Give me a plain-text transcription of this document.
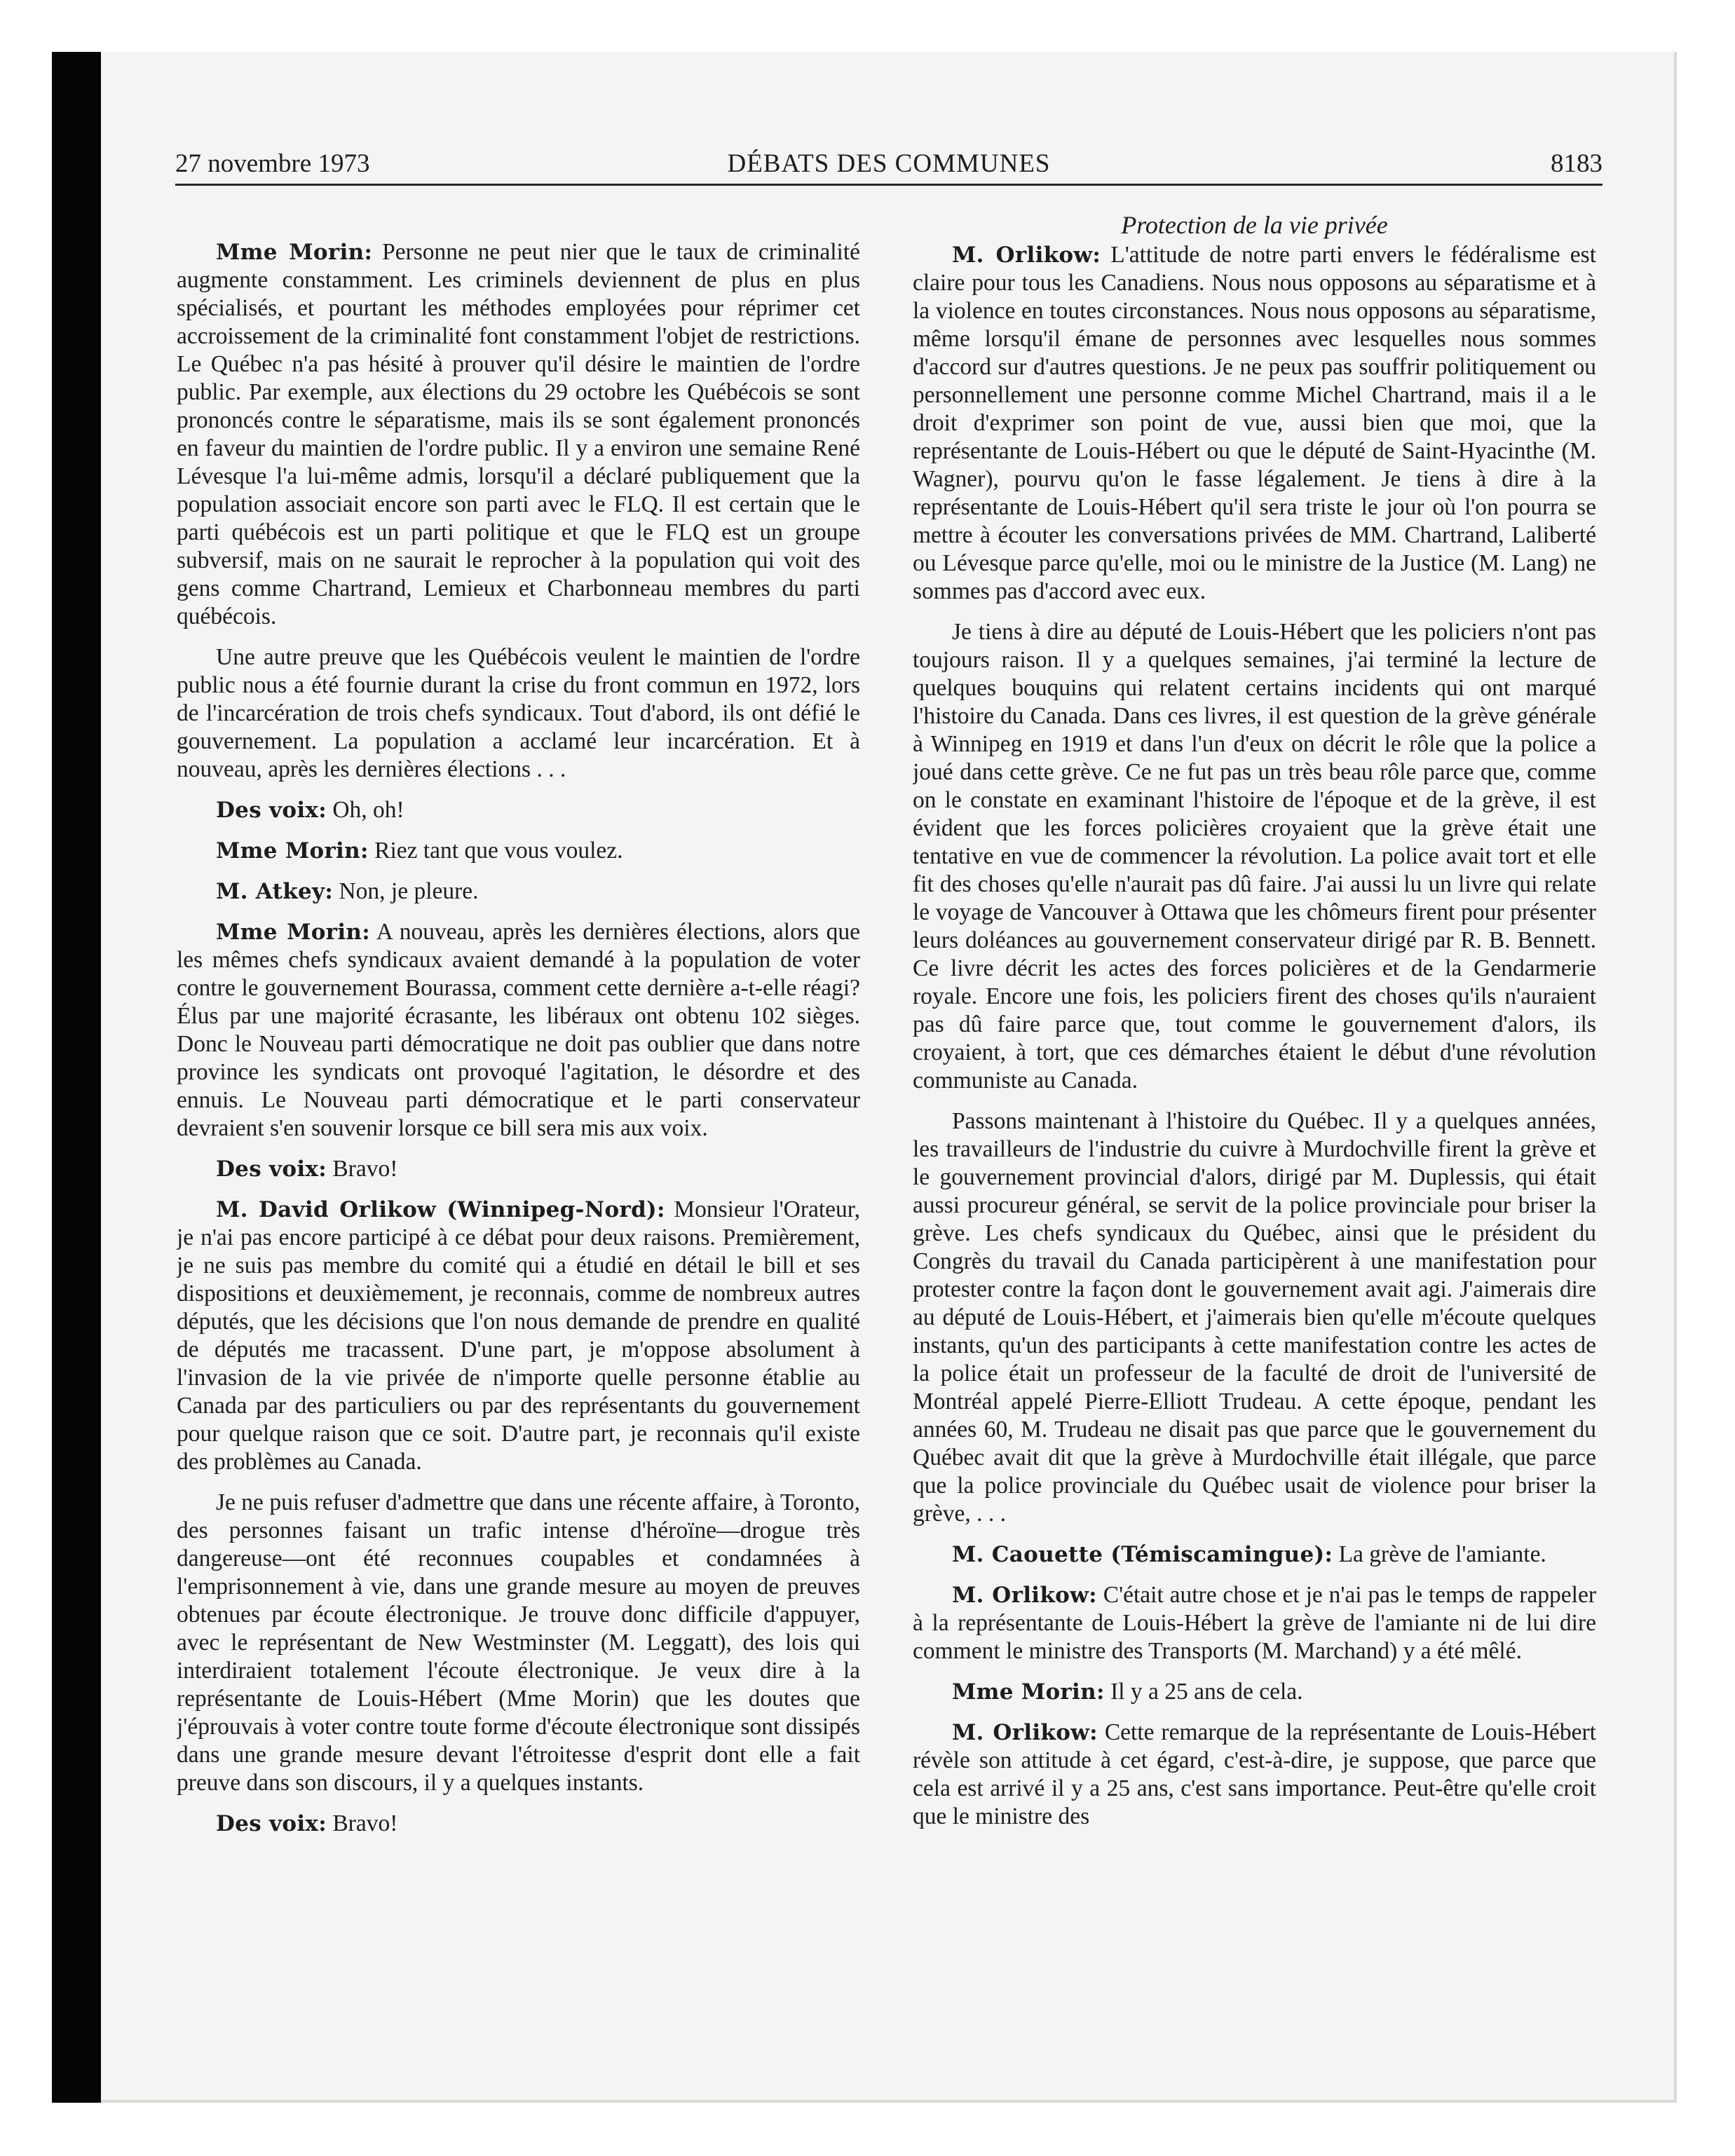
27 novembre 1973	DÉBATS DES COMMUNES	8183

Mme Morin: Personne ne peut nier que le taux de criminalité augmente constamment. Les criminels deviennent de plus en plus spécialisés, et pourtant les méthodes employées pour réprimer cet accroissement de la criminalité font constamment l'objet de restrictions. Le Québec n'a pas hésité à prouver qu'il désire le maintien de l'ordre public. Par exemple, aux élections du 29 octobre les Québécois se sont prononcés contre le séparatisme, mais ils se sont également prononcés en faveur du maintien de l'ordre public. Il y a environ une semaine René Lévesque l'a lui-même admis, lorsqu'il a déclaré publiquement que la population associait encore son parti avec le FLQ. Il est certain que le parti québécois est un parti politique et que le FLQ est un groupe subversif, mais on ne saurait le reprocher à la population qui voit des gens comme Chartrand, Lemieux et Charbonneau membres du parti québécois.

Une autre preuve que les Québécois veulent le maintien de l'ordre public nous a été fournie durant la crise du front commun en 1972, lors de l'incarcération de trois chefs syndicaux. Tout d'abord, ils ont défié le gouvernement. La population a acclamé leur incarcération. Et à nouveau, après les dernières élections . . .

Des voix: Oh, oh!

Mme Morin: Riez tant que vous voulez.

M. Atkey: Non, je pleure.

Mme Morin: A nouveau, après les dernières élections, alors que les mêmes chefs syndicaux avaient demandé à la population de voter contre le gouvernement Bourassa, comment cette dernière a-t-elle réagi? Élus par une majorité écrasante, les libéraux ont obtenu 102 sièges. Donc le Nouveau parti démocratique ne doit pas oublier que dans notre province les syndicats ont provoqué l'agitation, le désordre et des ennuis. Le Nouveau parti démocratique et le parti conservateur devraient s'en souvenir lorsque ce bill sera mis aux voix.

Des voix: Bravo!

M. David Orlikow (Winnipeg-Nord): Monsieur l'Orateur, je n'ai pas encore participé à ce débat pour deux raisons. Premièrement, je ne suis pas membre du comité qui a étudié en détail le bill et ses dispositions et deuxièmement, je reconnais, comme de nombreux autres députés, que les décisions que l'on nous demande de prendre en qualité de députés me tracassent. D'une part, je m'oppose absolument à l'invasion de la vie privée de n'importe quelle personne établie au Canada par des particuliers ou par des représentants du gouvernement pour quelque raison que ce soit. D'autre part, je reconnais qu'il existe des problèmes au Canada.

Je ne puis refuser d'admettre que dans une récente affaire, à Toronto, des personnes faisant un trafic intense d'héroïne—drogue très dangereuse—ont été reconnues coupables et condamnées à l'emprisonnement à vie, dans une grande mesure au moyen de preuves obtenues par écoute électronique. Je trouve donc difficile d'appuyer, avec le représentant de New Westminster (M. Leggatt), des lois qui interdiraient totalement l'écoute électronique. Je veux dire à la représentante de Louis-Hébert (Mme Morin) que les doutes que j'éprouvais à voter contre toute forme d'écoute électronique sont dissipés dans une grande mesure devant l'étroitesse d'esprit dont elle a fait preuve dans son discours, il y a quelques instants.

Des voix: Bravo!

Protection de la vie privée

M. Orlikow: L'attitude de notre parti envers le fédéralisme est claire pour tous les Canadiens. Nous nous opposons au séparatisme et à la violence en toutes circonstances. Nous nous opposons au séparatisme, même lorsqu'il émane de personnes avec lesquelles nous sommes d'accord sur d'autres questions. Je ne peux pas souffrir politiquement ou personnellement une personne comme Michel Chartrand, mais il a le droit d'exprimer son point de vue, aussi bien que moi, que la représentante de Louis-Hébert ou que le député de Saint-Hyacinthe (M. Wagner), pourvu qu'on le fasse légalement. Je tiens à dire à la représentante de Louis-Hébert qu'il sera triste le jour où l'on pourra se mettre à écouter les conversations privées de MM. Chartrand, Laliberté ou Lévesque parce qu'elle, moi ou le ministre de la Justice (M. Lang) ne sommes pas d'accord avec eux.

Je tiens à dire au député de Louis-Hébert que les policiers n'ont pas toujours raison. Il y a quelques semaines, j'ai terminé la lecture de quelques bouquins qui relatent certains incidents qui ont marqué l'histoire du Canada. Dans ces livres, il est question de la grève générale à Winnipeg en 1919 et dans l'un d'eux on décrit le rôle que la police a joué dans cette grève. Ce ne fut pas un très beau rôle parce que, comme on le constate en examinant l'histoire de l'époque et de la grève, il est évident que les forces policières croyaient que la grève était une tentative en vue de commencer la révolution. La police avait tort et elle fit des choses qu'elle n'aurait pas dû faire. J'ai aussi lu un livre qui relate le voyage de Vancouver à Ottawa que les chômeurs firent pour présenter leurs doléances au gouvernement conservateur dirigé par R. B. Bennett. Ce livre décrit les actes des forces policières et de la Gendarmerie royale. Encore une fois, les policiers firent des choses qu'ils n'auraient pas dû faire parce que, tout comme le gouvernement d'alors, ils croyaient, à tort, que ces démarches étaient le début d'une révolution communiste au Canada.

Passons maintenant à l'histoire du Québec. Il y a quelques années, les travailleurs de l'industrie du cuivre à Murdochville firent la grève et le gouvernement provincial d'alors, dirigé par M. Duplessis, qui était aussi procureur général, se servit de la police provinciale pour briser la grève. Les chefs syndicaux du Québec, ainsi que le président du Congrès du travail du Canada participèrent à une manifestation pour protester contre la façon dont le gouvernement avait agi. J'aimerais dire au député de Louis-Hébert, et j'aimerais bien qu'elle m'écoute quelques instants, qu'un des participants à cette manifestation contre les actes de la police était un professeur de la faculté de droit de l'université de Montréal appelé Pierre-Elliott Trudeau. A cette époque, pendant les années 60, M. Trudeau ne disait pas que parce que le gouvernement du Québec avait dit que la grève à Murdochville était illégale, que parce que la police provinciale du Québec usait de violence pour briser la grève, . . .

M. Caouette (Témiscamingue): La grève de l'amiante.

M. Orlikow: C'était autre chose et je n'ai pas le temps de rappeler à la représentante de Louis-Hébert la grève de l'amiante ni de lui dire comment le ministre des Transports (M. Marchand) y a été mêlé.

Mme Morin: Il y a 25 ans de cela.

M. Orlikow: Cette remarque de la représentante de Louis-Hébert révèle son attitude à cet égard, c'est-à-dire, je suppose, que parce que cela est arrivé il y a 25 ans, c'est sans importance. Peut-être qu'elle croit que le ministre des
